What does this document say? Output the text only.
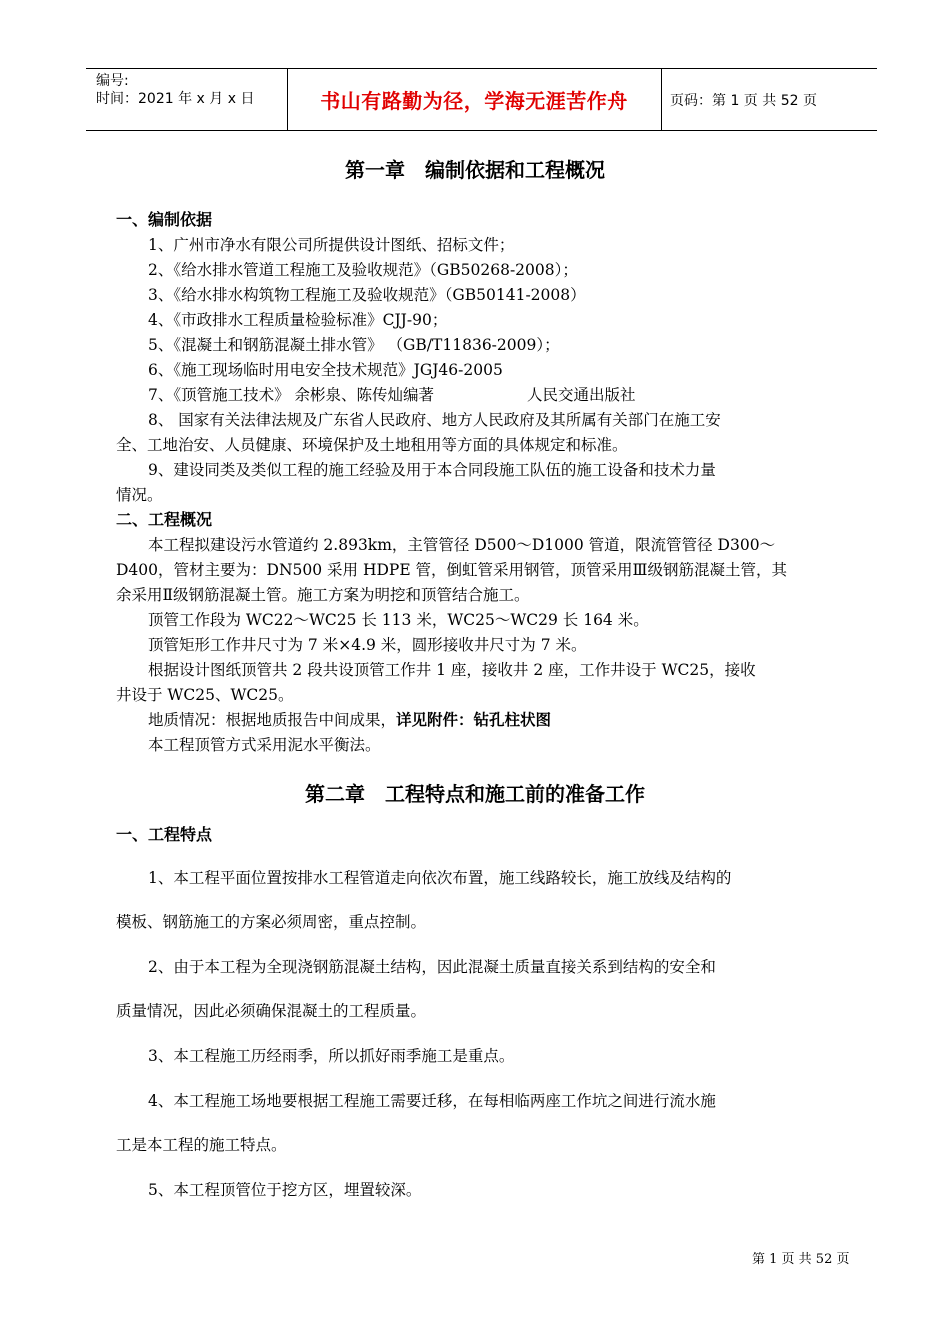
编号:
时间：2021 年 x 月 x 日	书山有路勤为径，学海无涯苦作舟	页码：第 1 页 共 52 页
第一章　编制依据和工程概况
一、编制依据
1、广州市净水有限公司所提供设计图纸、招标文件；
2、《给水排水管道工程施工及验收规范》（GB50268-2008）；
3、《给水排水构筑物工程施工及验收规范》（GB50141-2008）
4、《市政排水工程质量检验标准》CJJ-90；
5、《混凝土和钢筋混凝土排水管》 （GB/T11836-2009）；
6、《施工现场临时用电安全技术规范》JGJ46-2005
7、《顶管施工技术》 余彬泉、陈传灿编著　　　　　　人民交通出版社
8、 国家有关法律法规及广东省人民政府、地方人民政府及其所属有关部门在施工安
全、工地治安、人员健康、环境保护及土地租用等方面的具体规定和标准。
9、建设同类及类似工程的施工经验及用于本合同段施工队伍的施工设备和技术力量
情况。
二、工程概况
本工程拟建设污水管道约 2.893km，主管管径 D500～D1000 管道，限流管管径 D300～
D400，管材主要为：DN500 采用 HDPE 管，倒虹管采用钢管，顶管采用Ⅲ级钢筋混凝土管，其
余采用Ⅱ级钢筋混凝土管。施工方案为明挖和顶管结合施工。
顶管工作段为 WC22～WC25 长 113 米，WC25～WC29 长 164 米。
顶管矩形工作井尺寸为 7 米×4.9 米，圆形接收井尺寸为 7 米。
根据设计图纸顶管共 2 段共设顶管工作井 1 座，接收井 2 座，工作井设于 WC25，接收
井设于 WC25、WC25。
地质情况：根据地质报告中间成果，详见附件：钻孔柱状图
本工程顶管方式采用泥水平衡法。
第二章　工程特点和施工前的准备工作
一、工程特点
1、本工程平面位置按排水工程管道走向依次布置，施工线路较长，施工放线及结构的
模板、钢筋施工的方案必须周密，重点控制。
2、由于本工程为全现浇钢筋混凝土结构，因此混凝土质量直接关系到结构的安全和
质量情况，因此必须确保混凝土的工程质量。
3、本工程施工历经雨季，所以抓好雨季施工是重点。
4、本工程施工场地要根据工程施工需要迁移，在每相临两座工作坑之间进行流水施
工是本工程的施工特点。
5、本工程顶管位于挖方区，埋置较深。
第 1 页 共 52 页
